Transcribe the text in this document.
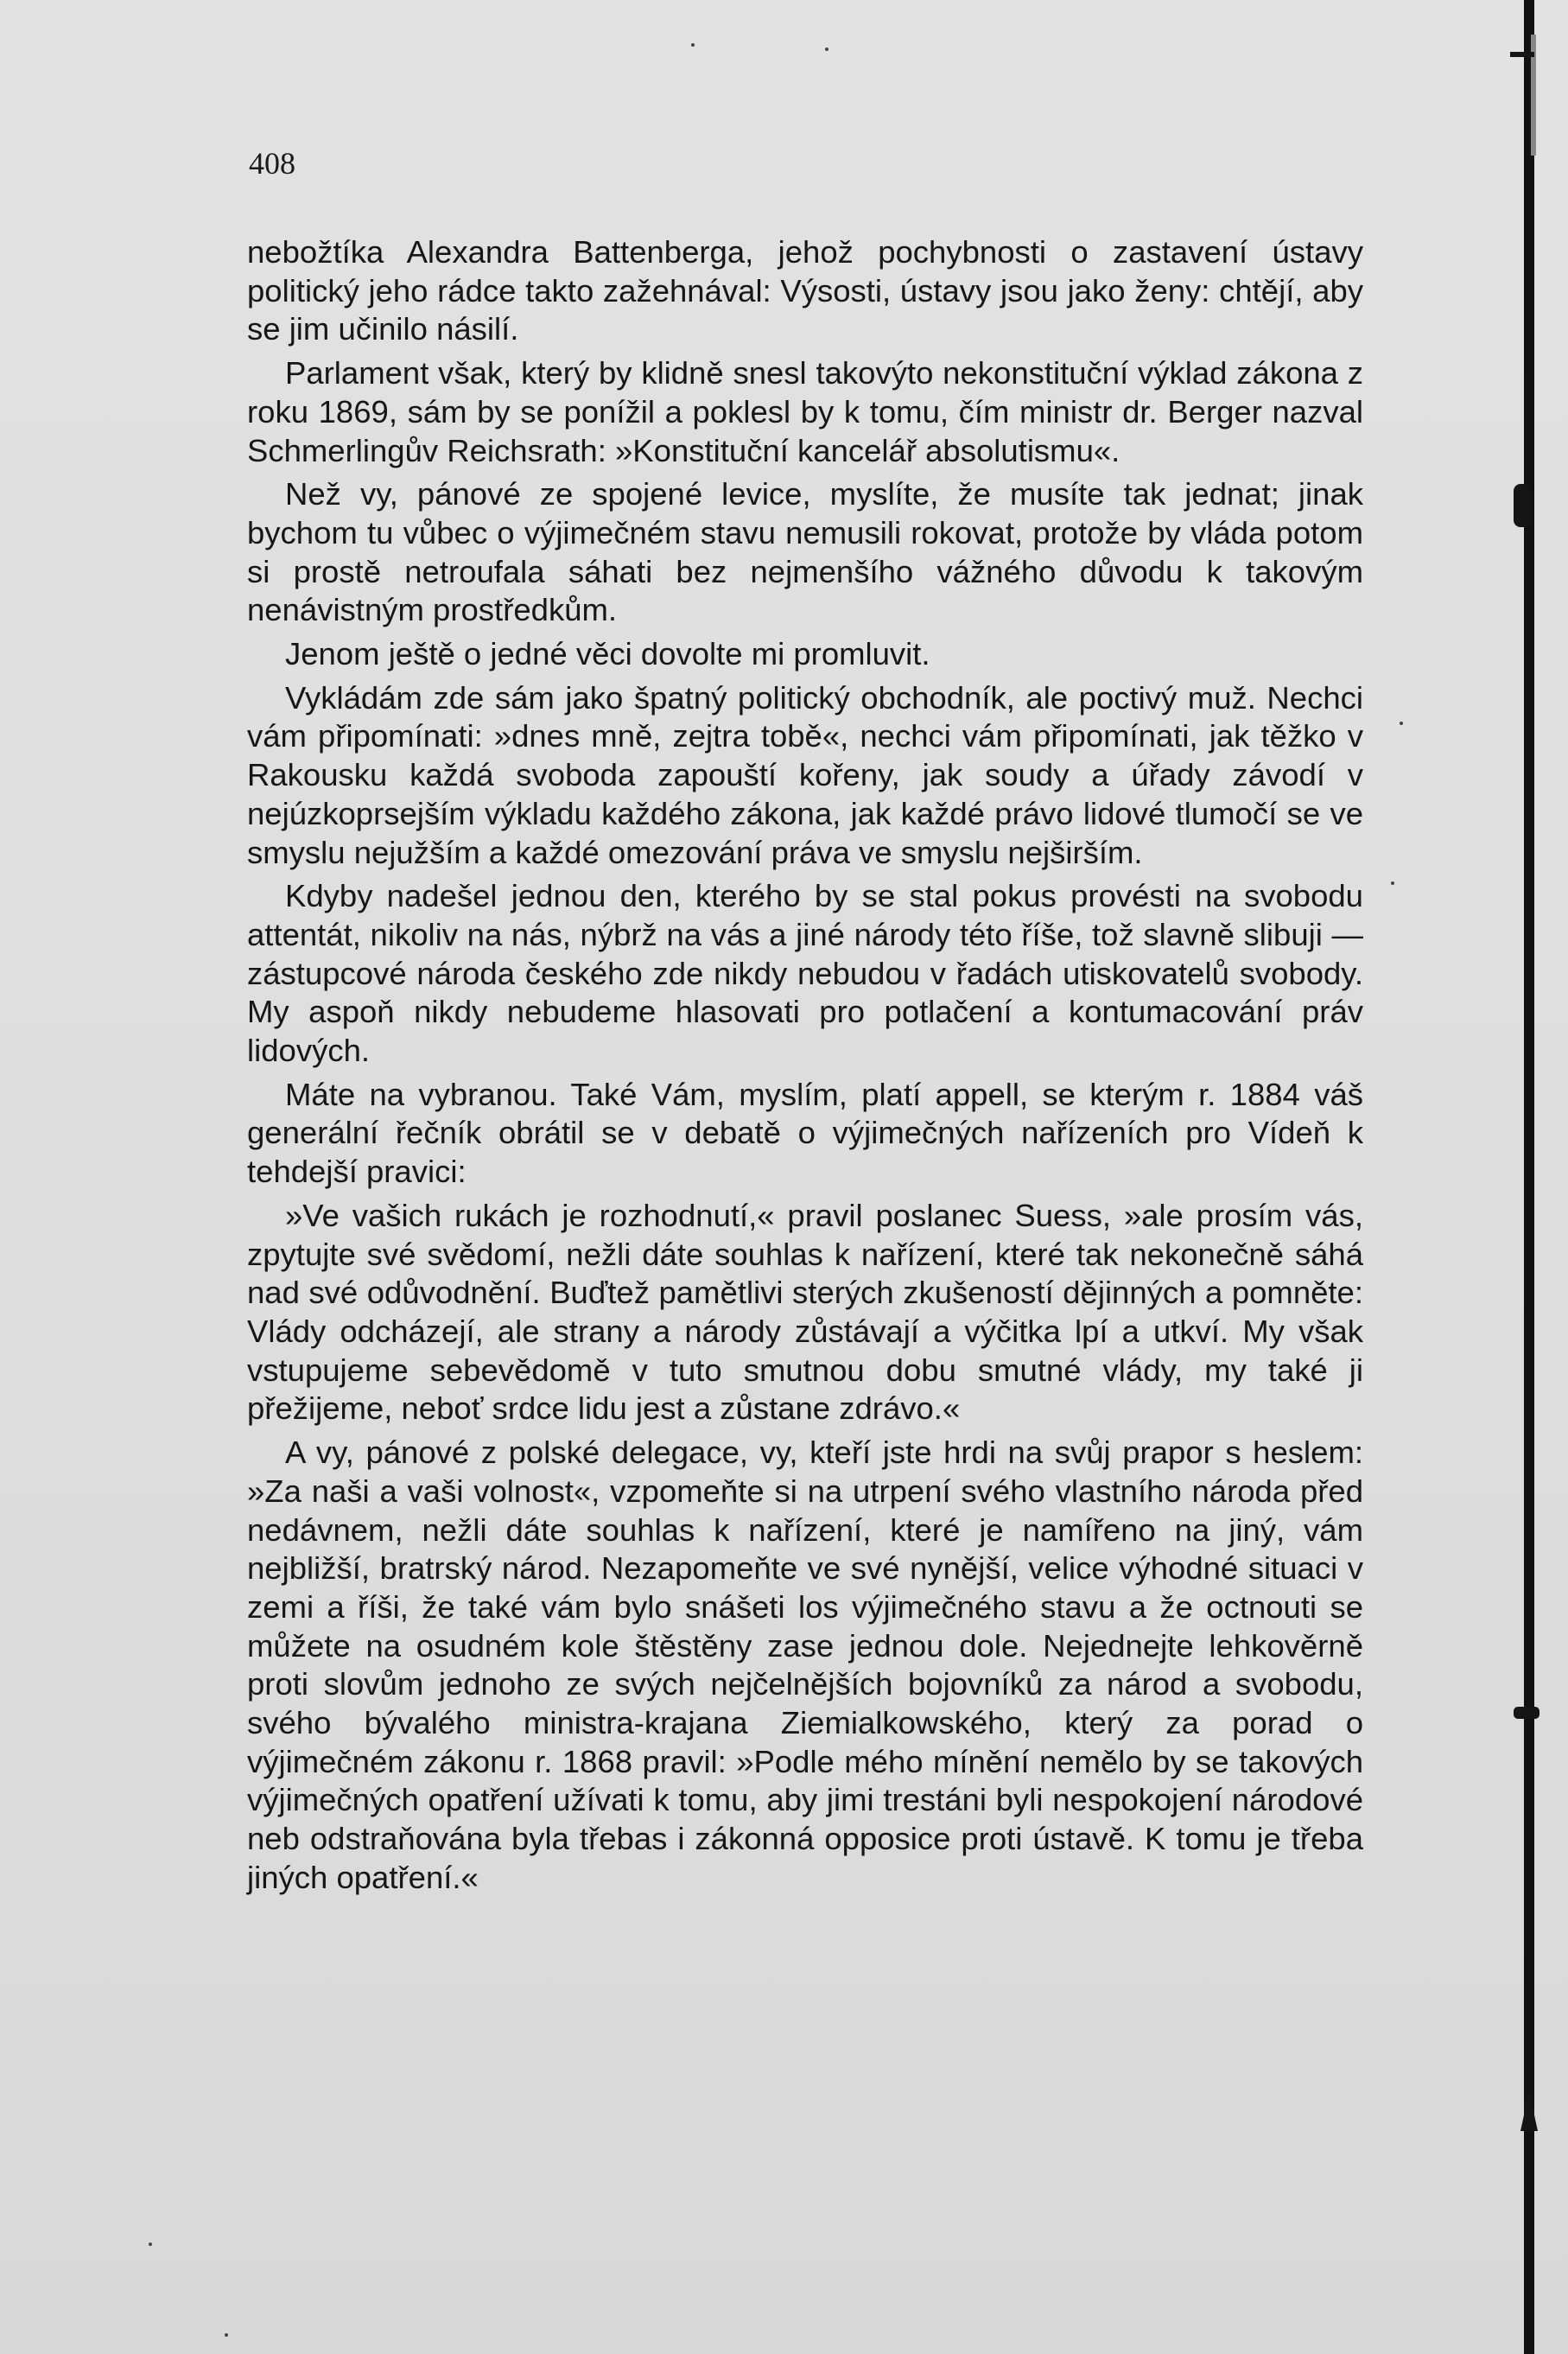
408

nebožtíka Alexandra Battenberga, jehož pochybnosti o zastavení ústavy politický jeho rádce takto zažehnával: Výsosti, ústavy jsou jako ženy: chtějí, aby se jim učinilo násilí.

Parlament však, který by klidně snesl takovýto nekonstituční výklad zákona z roku 1869, sám by se ponížil a poklesl by k tomu, čím ministr dr. Berger nazval Schmerlingův Reichsrath: »Konstituční kancelář absolutismu«.

Než vy, pánové ze spojené levice, myslíte, že musíte tak jednat; jinak bychom tu vůbec o výjimečném stavu nemusili rokovat, protože by vláda potom si prostě netroufala sáhati bez nejmenšího vážného důvodu k takovým nenávistným prostředkům.

Jenom ještě o jedné věci dovolte mi promluvit.

Vykládám zde sám jako špatný politický obchodník, ale poctivý muž. Nechci vám připomínati: »dnes mně, zejtra tobě«, nechci vám připomínati, jak těžko v Rakousku každá svoboda zapouští kořeny, jak soudy a úřady závodí v nejúzkoprsejším výkladu každého zákona, jak každé právo lidové tlumočí se ve smyslu nejužším a každé omezování práva ve smyslu nejširším.

Kdyby nadešel jednou den, kterého by se stal pokus provésti na svobodu attentát, nikoliv na nás, nýbrž na vás a jiné národy této říše, tož slavně slibuji — zástupcové národa českého zde nikdy nebudou v řadách utiskovatelů svobody. My aspoň nikdy nebudeme hlasovati pro potlačení a kontumacování práv lidových.

Máte na vybranou. Také Vám, myslím, platí appell, se kterým r. 1884 váš generální řečník obrátil se v debatě o výjimečných nařízeních pro Vídeň k tehdejší pravici:

»Ve vašich rukách je rozhodnutí,« pravil poslanec Suess, »ale prosím vás, zpytujte své svědomí, nežli dáte souhlas k nařízení, které tak nekonečně sáhá nad své odůvodnění. Buďtež pamětlivi sterých zkušeností dějinných a pomněte: Vlády odcházejí, ale strany a národy zůstávají a výčitka lpí a utkví. My však vstupujeme sebevědomě v tuto smutnou dobu smutné vlády, my také ji přežijeme, neboť srdce lidu jest a zůstane zdrávo.«

A vy, pánové z polské delegace, vy, kteří jste hrdi na svůj prapor s heslem: »Za naši a vaši volnost«, vzpomeňte si na utrpení svého vlastního národa před nedávnem, nežli dáte souhlas k nařízení, které je namířeno na jiný, vám nejbližší, bratrský národ. Nezapomeňte ve své nynější, velice výhodné situaci v zemi a říši, že také vám bylo snášeti los výjimečného stavu a že octnouti se můžete na osudném kole štěstěny zase jednou dole. Nejednejte lehkověrně proti slovům jednoho ze svých nejčelnějších bojovníků za národ a svobodu, svého bývalého ministra-krajana Ziemialkowského, který za porad o výjimečném zákonu r. 1868 pravil: »Podle mého mínění nemělo by se takových výjimečných opatření užívati k tomu, aby jimi trestáni byli nespokojení národové neb odstraňována byla třebas i zákonná opposice proti ústavě. K tomu je třeba jiných opatření.«
